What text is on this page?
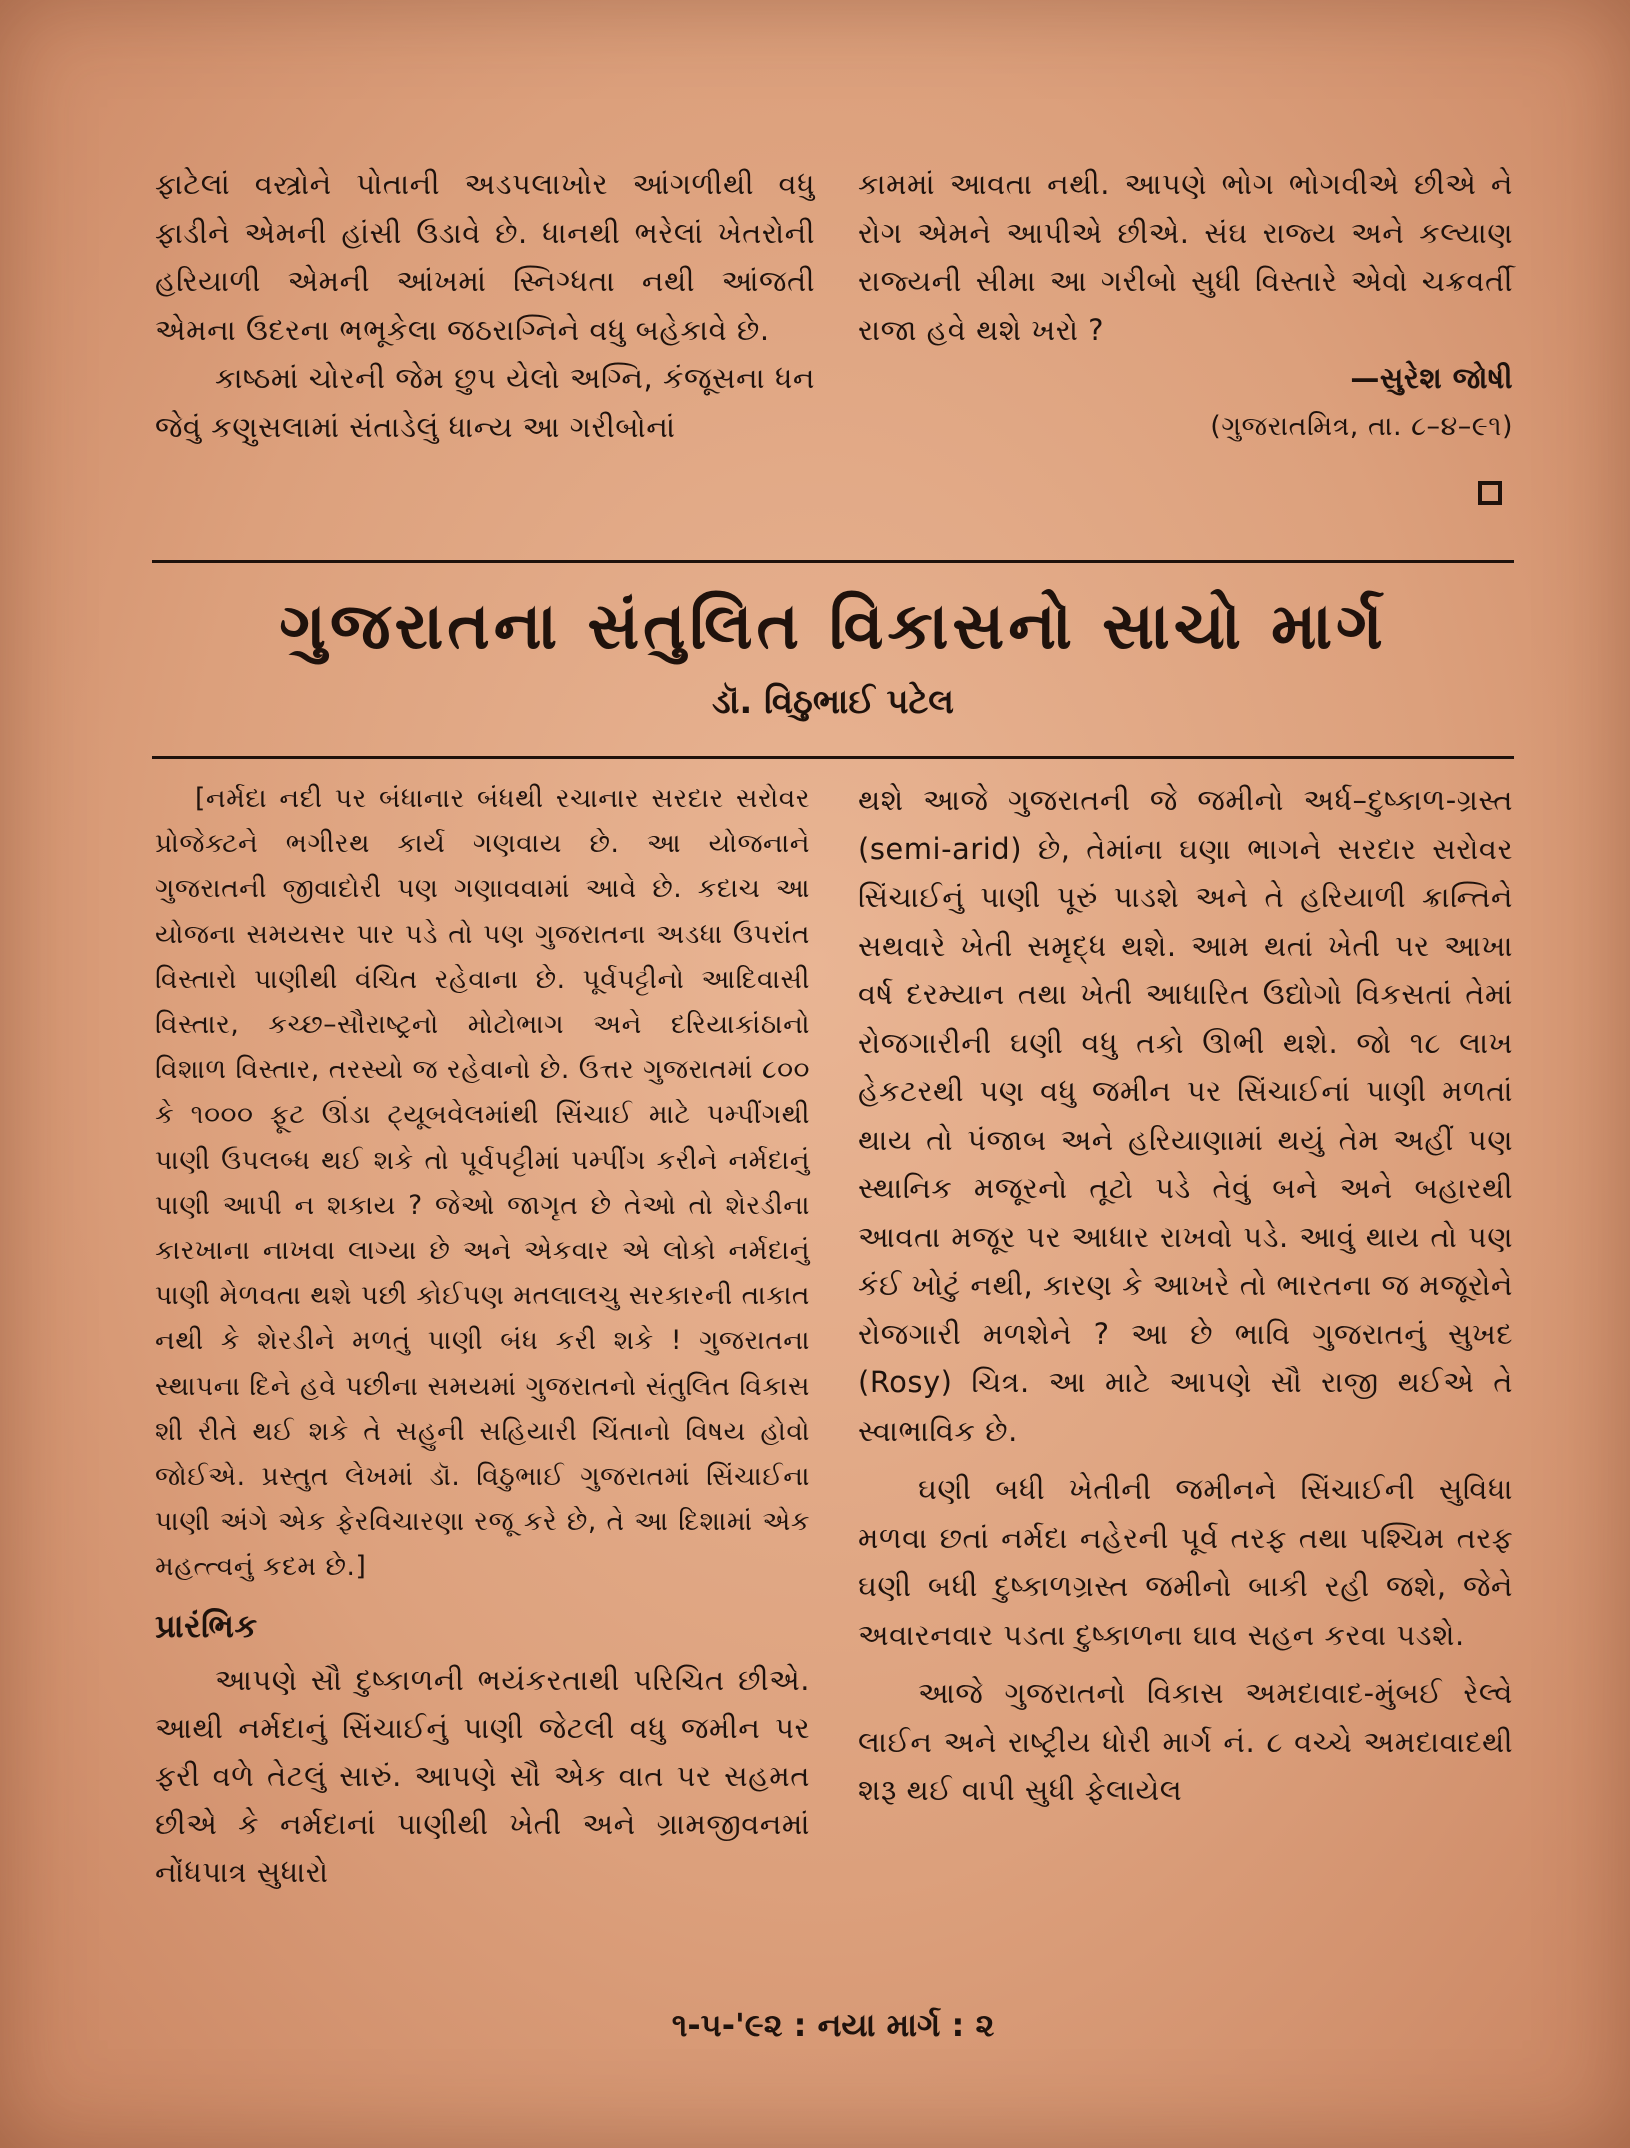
ફાટેલાં વસ્ત્રોને પોતાની અડપલાખોર આંગળીથી વધુ ફાડીને એમની હાંસી ઉડાવે છે. ધાનથી ભરેલાં ખેતરોની હરિયાળી એમની આંખમાં સ્નિગ્ધતા નથી આંજતી એમના ઉદરના ભભૂકેલા જઠરાગ્નિને વધુ બહેકાવે છે.

કાષ્ઠમાં ચોરની જેમ છુપ યેલો અગ્નિ, કંજૂસના ધન જેવું કણુસલામાં સંતાડેલું ધાન્ય આ ગરીબોનાં

કામમાં આવતા નથી. આપણે ભોગ ભોગવીએ છીએ ને રોગ એમને આપીએ છીએ. સંઘ રાજ્ય અને કલ્યાણ રાજ્યની સીમા આ ગરીબો સુધી વિસ્તારે એવો ચક્રવર્તી રાજા હવે થશે ખરો ?

—સુરેશ જોષી
(ગુજરાતમિત્ર, તા. ૮–૪–૯૧)
ગુજરાતના સંતુલિત વિકાસનો સાચો માર્ગ
ડૉ. વિઠુભાઈ પટેલ

[નર્મદા નદી પર બંધાનાર બંધથી રચાનાર સરદાર સરોવર પ્રોજેક્ટને ભગીરથ કાર્ય ગણવાય છે. આ યોજનાને ગુજરાતની જીવાદોરી પણ ગણાવવામાં આવે છે. કદાચ આ યોજના સમયસર પાર પડે તો પણ ગુજરાતના અડધા ઉપરાંત વિસ્તારો પાણીથી વંચિત રહેવાના છે. પૂર્વપટ્ટીનો આદિવાસી વિસ્તાર, કચ્છ–સૌરાષ્ટ્રનો મોટોભાગ અને દરિયાકાંઠાનો વિશાળ વિસ્તાર, તરસ્યો જ રહેવાનો છે. ઉત્તર ગુજરાતમાં ૮૦૦ કે ૧૦૦૦ ફૂટ ઊંડા ટ્યૂબવેલમાંથી સિંચાઈ માટે પમ્પીંગથી પાણી ઉપલબ્ધ થઈ શકે તો પૂર્વપટ્ટીમાં પમ્પીંગ કરીને નર્મદાનું પાણી આપી ન શકાય ? જેઓ જાગૃત છે તેઓ તો શેરડીના કારખાના નાખવા લાગ્યા છે અને એકવાર એ લોકો નર્મદાનું પાણી મેળવતા થશે પછી કોઈપણ મતલાલચુ સરકારની તાકાત નથી કે શેરડીને મળતું પાણી બંધ કરી શકે ! ગુજરાતના સ્થાપના દિને હવે પછીના સમયમાં ગુજરાતનો સંતુલિત વિકાસ શી રીતે થઈ શકે તે સહુની સહિયારી ચિંતાનો વિષય હોવો જોઈએ. પ્રસ્તુત લેખમાં ડૉ. વિઠુભાઈ ગુજરાતમાં સિંચાઈના પાણી અંગે એક ફેરવિચારણા રજૂ કરે છે, તે આ દિશામાં એક મહત્ત્વનું કદમ છે.]

પ્રારંભિક

આપણે સૌ દુષ્કાળની ભયંકરતાથી પરિચિત છીએ. આથી નર્મદાનું સિંચાઈનું પાણી જેટલી વધુ જમીન પર ફરી વળે તેટલું સારું. આપણે સૌ એક વાત પર સહમત છીએ કે નર્મદાનાં પાણીથી ખેતી અને ગ્રામજીવનમાં નોંધપાત્ર સુધારો

થશે આજે ગુજરાતની જે જમીનો અર્ધ–દુષ્કાળ-ગ્રસ્ત (semi-arid) છે, તેમાંના ઘણા ભાગને સરદાર સરોવર સિંચાઈનું પાણી પૂરું પાડશે અને તે હરિયાળી ક્રાન્તિને સથવારે ખેતી સમૃદ્ધ થશે. આમ થતાં ખેતી પર આખા વર્ષ દરમ્યાન તથા ખેતી આધારિત ઉદ્યોગો વિકસતાં તેમાં રોજગારીની ઘણી વધુ તકો ઊભી થશે. જો ૧૮ લાખ હેકટરથી પણ વધુ જમીન પર સિંચાઈનાં પાણી મળતાં થાય તો પંજાબ અને હરિયાણામાં થયું તેમ અહીં પણ સ્થાનિક મજૂરનો તૂટો પડે તેવું બને અને બહારથી આવતા મજૂર પર આધાર રાખવો પડે. આવું થાય તો પણ કંઈ ખોટું નથી, કારણ કે આખરે તો ભારતના જ મજૂરોને રોજગારી મળશેને ? આ છે ભાવિ ગુજરાતનું સુખદ (Rosy) ચિત્ર. આ માટે આપણે સૌ રાજી થઈએ તે સ્વાભાવિક છે.

ઘણી બધી ખેતીની જમીનને સિંચાઈની સુવિધા મળવા છતાં નર્મદા નહેરની પૂર્વ તરફ તથા પશ્ચિમ તરફ ઘણી બધી દુષ્કાળગ્રસ્ત જમીનો બાકી રહી જશે, જેને અવારનવાર પડતા દુષ્કાળના ઘાવ સહન કરવા પડશે.

આજે ગુજરાતનો વિકાસ અમદાવાદ-મુંબઈ રેલ્વે લાઈન અને રાષ્ટ્રીય ધોરી માર્ગ નં. ૮ વચ્ચે અમદાવાદથી શરૂ થઈ વાપી સુધી ફેલાયેલ

૧-૫-'૯૨ : નયા માર્ગ : ૨
